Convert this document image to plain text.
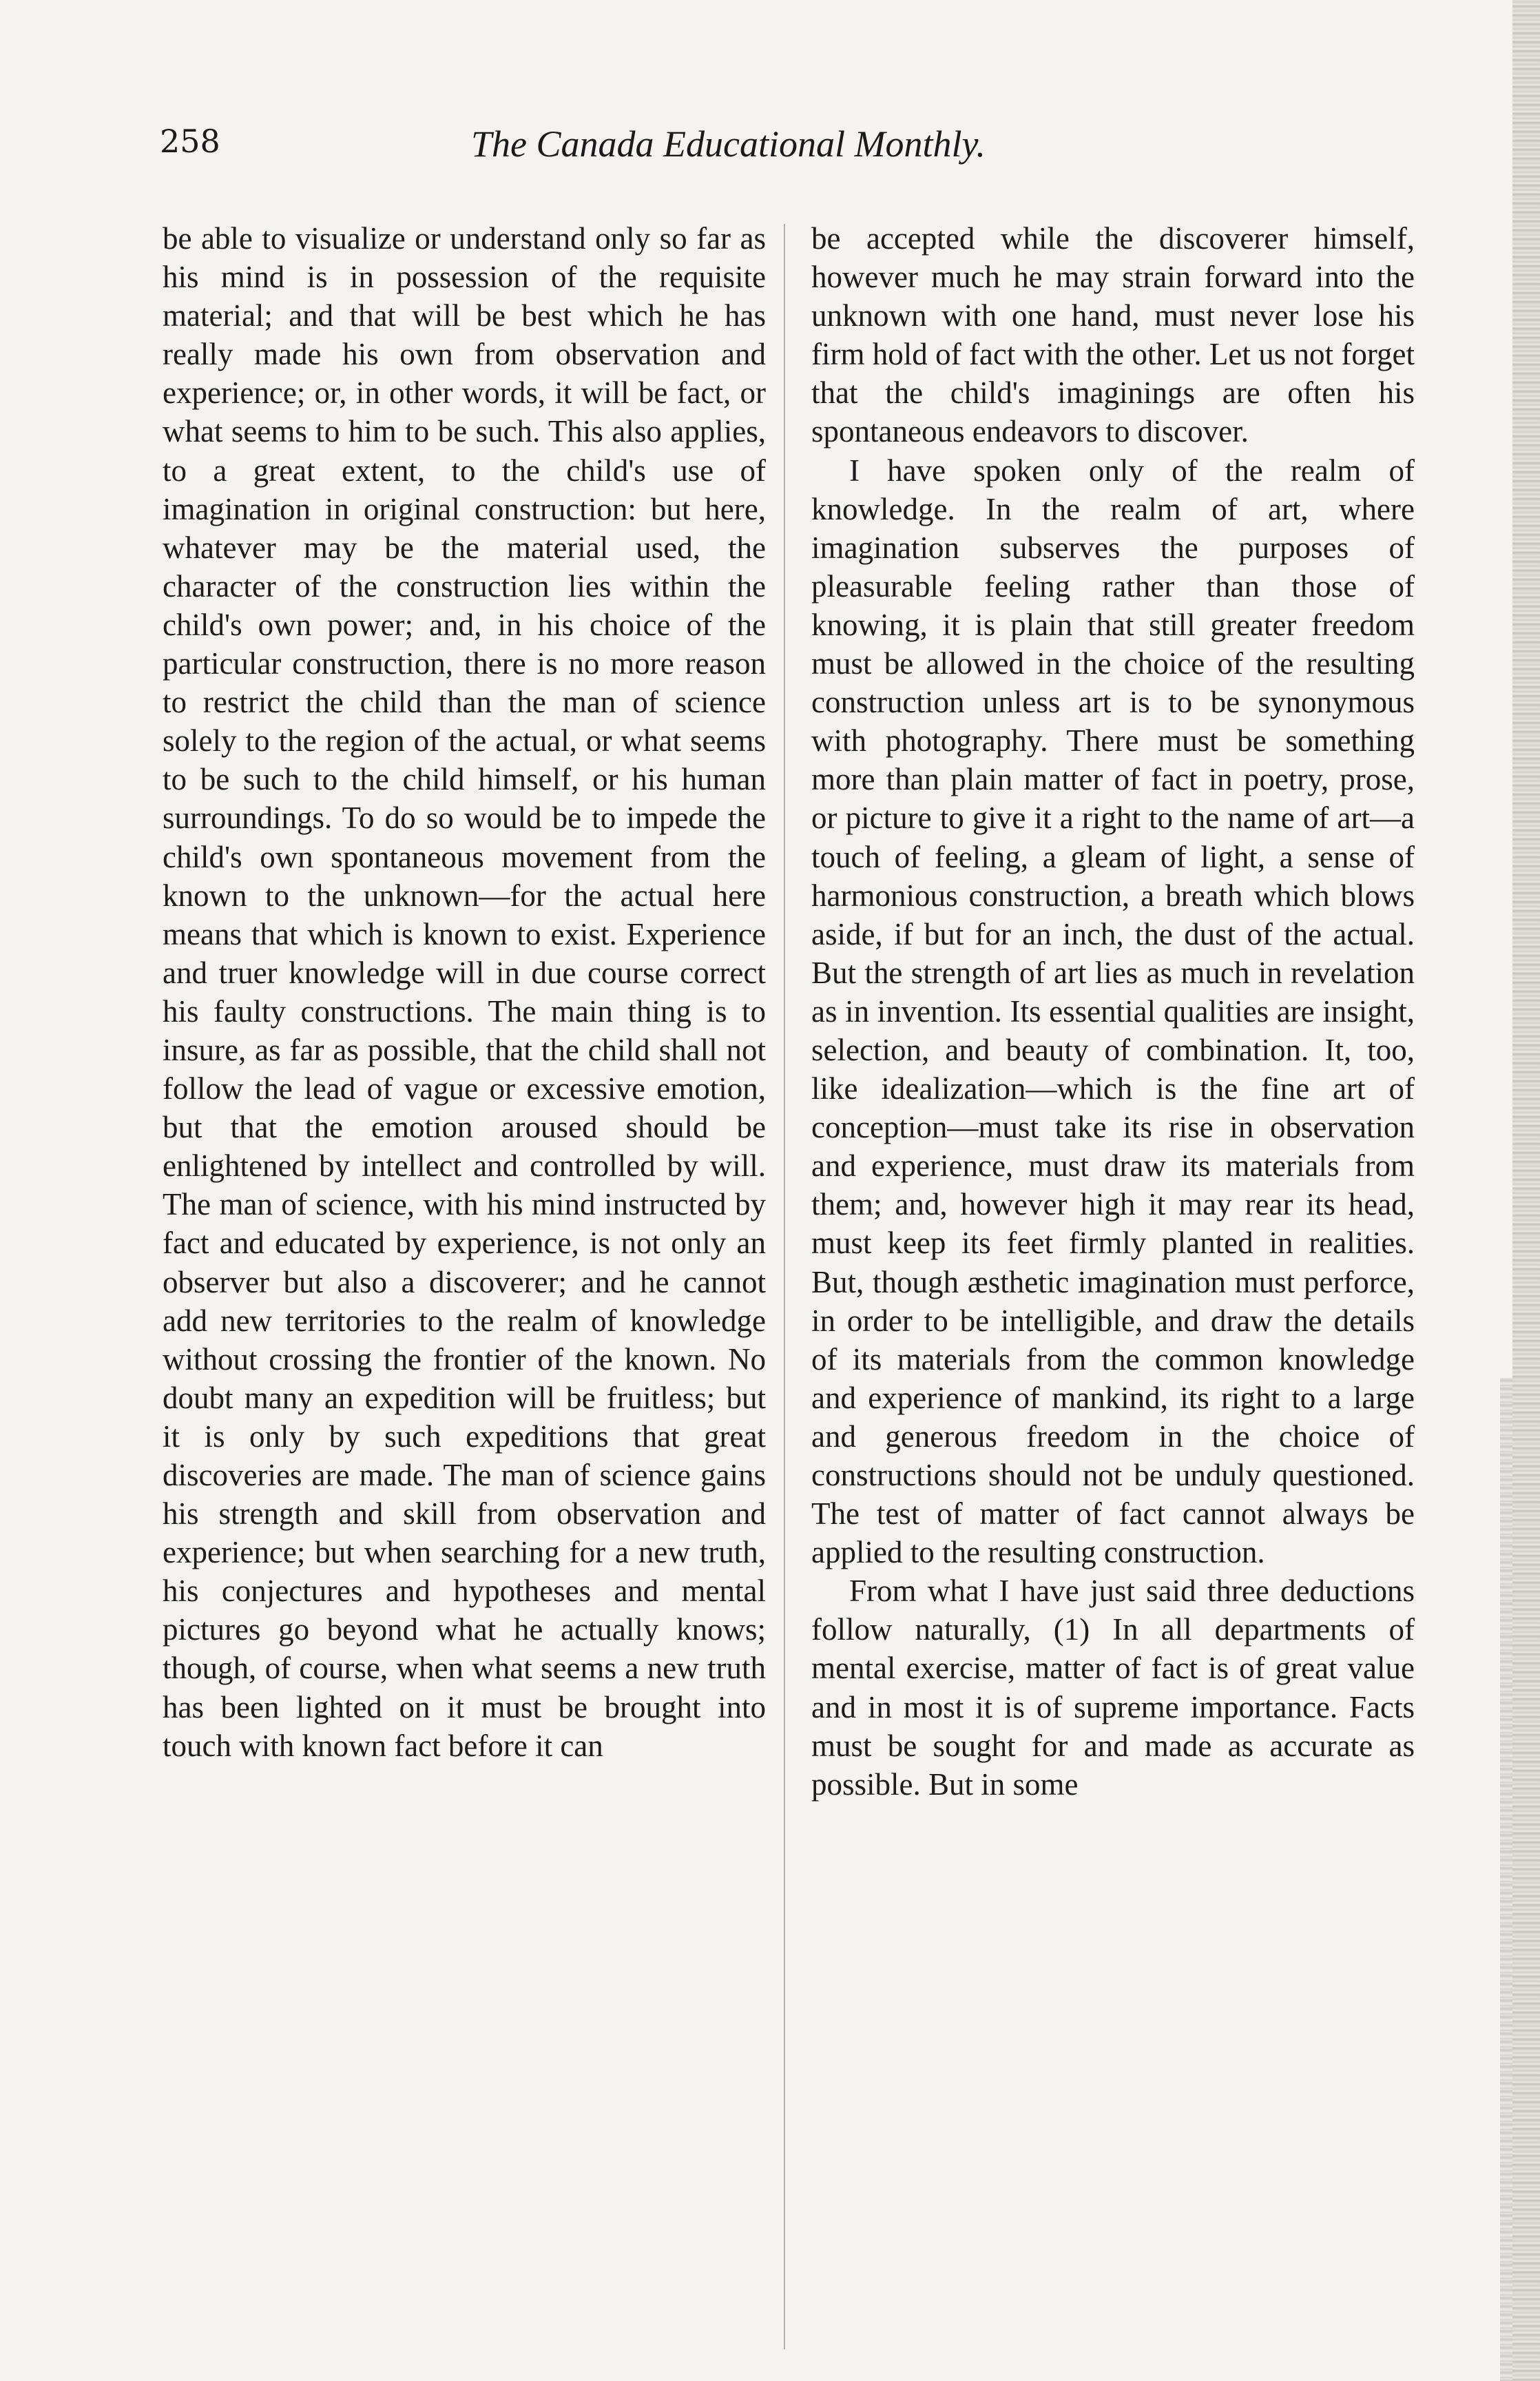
258	The Canada Educational Monthly.

be able to visualize or understand only so far as his mind is in possession of the requisite material; and that will be best which he has really made his own from observation and experience; or, in other words, it will be fact, or what seems to him to be such. This also applies, to a great extent, to the child's use of imagination in original construction: but here, whatever may be the material used, the character of the construction lies within the child's own power; and, in his choice of the particular construction, there is no more reason to restrict the child than the man of science solely to the region of the actual, or what seems to be such to the child himself, or his human surroundings. To do so would be to impede the child's own spontaneous movement from the known to the unknown—for the actual here means that which is known to exist. Experience and truer knowledge will in due course correct his faulty constructions. The main thing is to insure, as far as possible, that the child shall not follow the lead of vague or excessive emotion, but that the emotion aroused should be enlightened by intellect and controlled by will. The man of science, with his mind instructed by fact and educated by experience, is not only an observer but also a discoverer; and he cannot add new territories to the realm of knowledge without crossing the frontier of the known. No doubt many an expedition will be fruitless; but it is only by such expeditions that great discoveries are made. The man of science gains his strength and skill from observation and experience; but when searching for a new truth, his conjectures and hypotheses and mental pictures go beyond what he actually knows; though, of course, when what seems a new truth has been lighted on it must be brought into touch with known fact before it can

be accepted while the discoverer himself, however much he may strain forward into the unknown with one hand, must never lose his firm hold of fact with the other. Let us not forget that the child's imaginings are often his spontaneous endeavors to discover.

I have spoken only of the realm of knowledge. In the realm of art, where imagination subserves the purposes of pleasurable feeling rather than those of knowing, it is plain that still greater freedom must be allowed in the choice of the resulting construction unless art is to be synonymous with photography. There must be something more than plain matter of fact in poetry, prose, or picture to give it a right to the name of art—a touch of feeling, a gleam of light, a sense of harmonious construction, a breath which blows aside, if but for an inch, the dust of the actual. But the strength of art lies as much in revelation as in invention. Its essential qualities are insight, selection, and beauty of combination. It, too, like idealization—which is the fine art of conception—must take its rise in observation and experience, must draw its materials from them; and, however high it may rear its head, must keep its feet firmly planted in realities. But, though æsthetic imagination must perforce, in order to be intelligible, and draw the details of its materials from the common knowledge and experience of mankind, its right to a large and generous freedom in the choice of constructions should not be unduly questioned. The test of matter of fact cannot always be applied to the resulting construction.

From what I have just said three deductions follow naturally, (1) In all departments of mental exercise, matter of fact is of great value and in most it is of supreme importance. Facts must be sought for and made as accurate as possible. But in some
